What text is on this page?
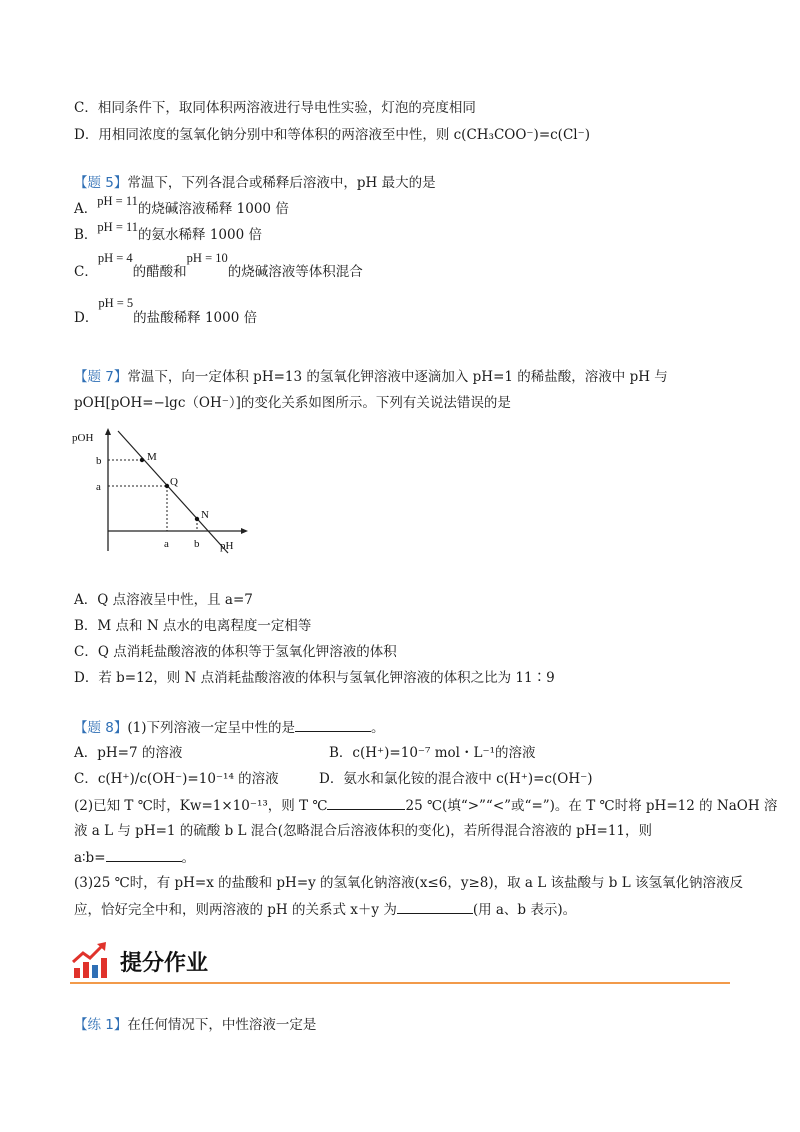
C．相同条件下，取同体积两溶液进行导电性实验，灯泡的亮度相同
D．用相同浓度的氢氧化钠分别中和等体积的两溶液至中性，则 c(CH₃COO⁻)=c(Cl⁻)
【题 5】常温下，下列各混合或稀释后溶液中，pH 最大的是
A．pH = 11的烧碱溶液稀释 1000 倍
B．pH = 11的氨水稀释 1000 倍
C．pH = 4的醋酸和pH = 10的烧碱溶液等体积混合
D．pH = 5的盐酸稀释 1000 倍
【题 7】常温下，向一定体积 pH=13 的氢氧化钾溶液中逐滴加入 pH=1 的稀盐酸，溶液中 pH 与
pOH[pOH=−lgc（OH⁻）]的变化关系如图所示。下列有关说法错误的是
pOH
b
a
M
Q
N
a b pH
A．Q 点溶液呈中性，且 a=7
B．M 点和 N 点水的电离程度一定相等
C．Q 点消耗盐酸溶液的体积等于氢氧化钾溶液的体积
D．若 b=12，则 N 点消耗盐酸溶液的体积与氢氧化钾溶液的体积之比为 11∶9
【题 8】(1)下列溶液一定呈中性的是	。
A．pH=7 的溶液	B．c(H⁺)=10⁻⁷ mol・L⁻¹的溶液
C．c(H⁺)/c(OH⁻)=10⁻¹⁴ 的溶液	D．氨水和氯化铵的混合液中 c(H⁺)=c(OH⁻)
(2)已知 T ℃时，Kw=1×10⁻¹³，则 T ℃	25 ℃(填“>”“<”或“=”)。在 T ℃时将 pH=12 的 NaOH 溶
液 a L 与 pH=1 的硫酸 b L 混合(忽略混合后溶液体积的变化)，若所得混合溶液的 pH=11，则
a∶b=	。
(3)25 ℃时，有 pH=x 的盐酸和 pH=y 的氢氧化钠溶液(x≤6，y≥8)，取 a L 该盐酸与 b L 该氢氧化钠溶液反
应，恰好完全中和，则两溶液的 pH 的关系式 x＋y 为	(用 a、b 表示)。
提分作业
【练 1】在任何情况下，中性溶液一定是
